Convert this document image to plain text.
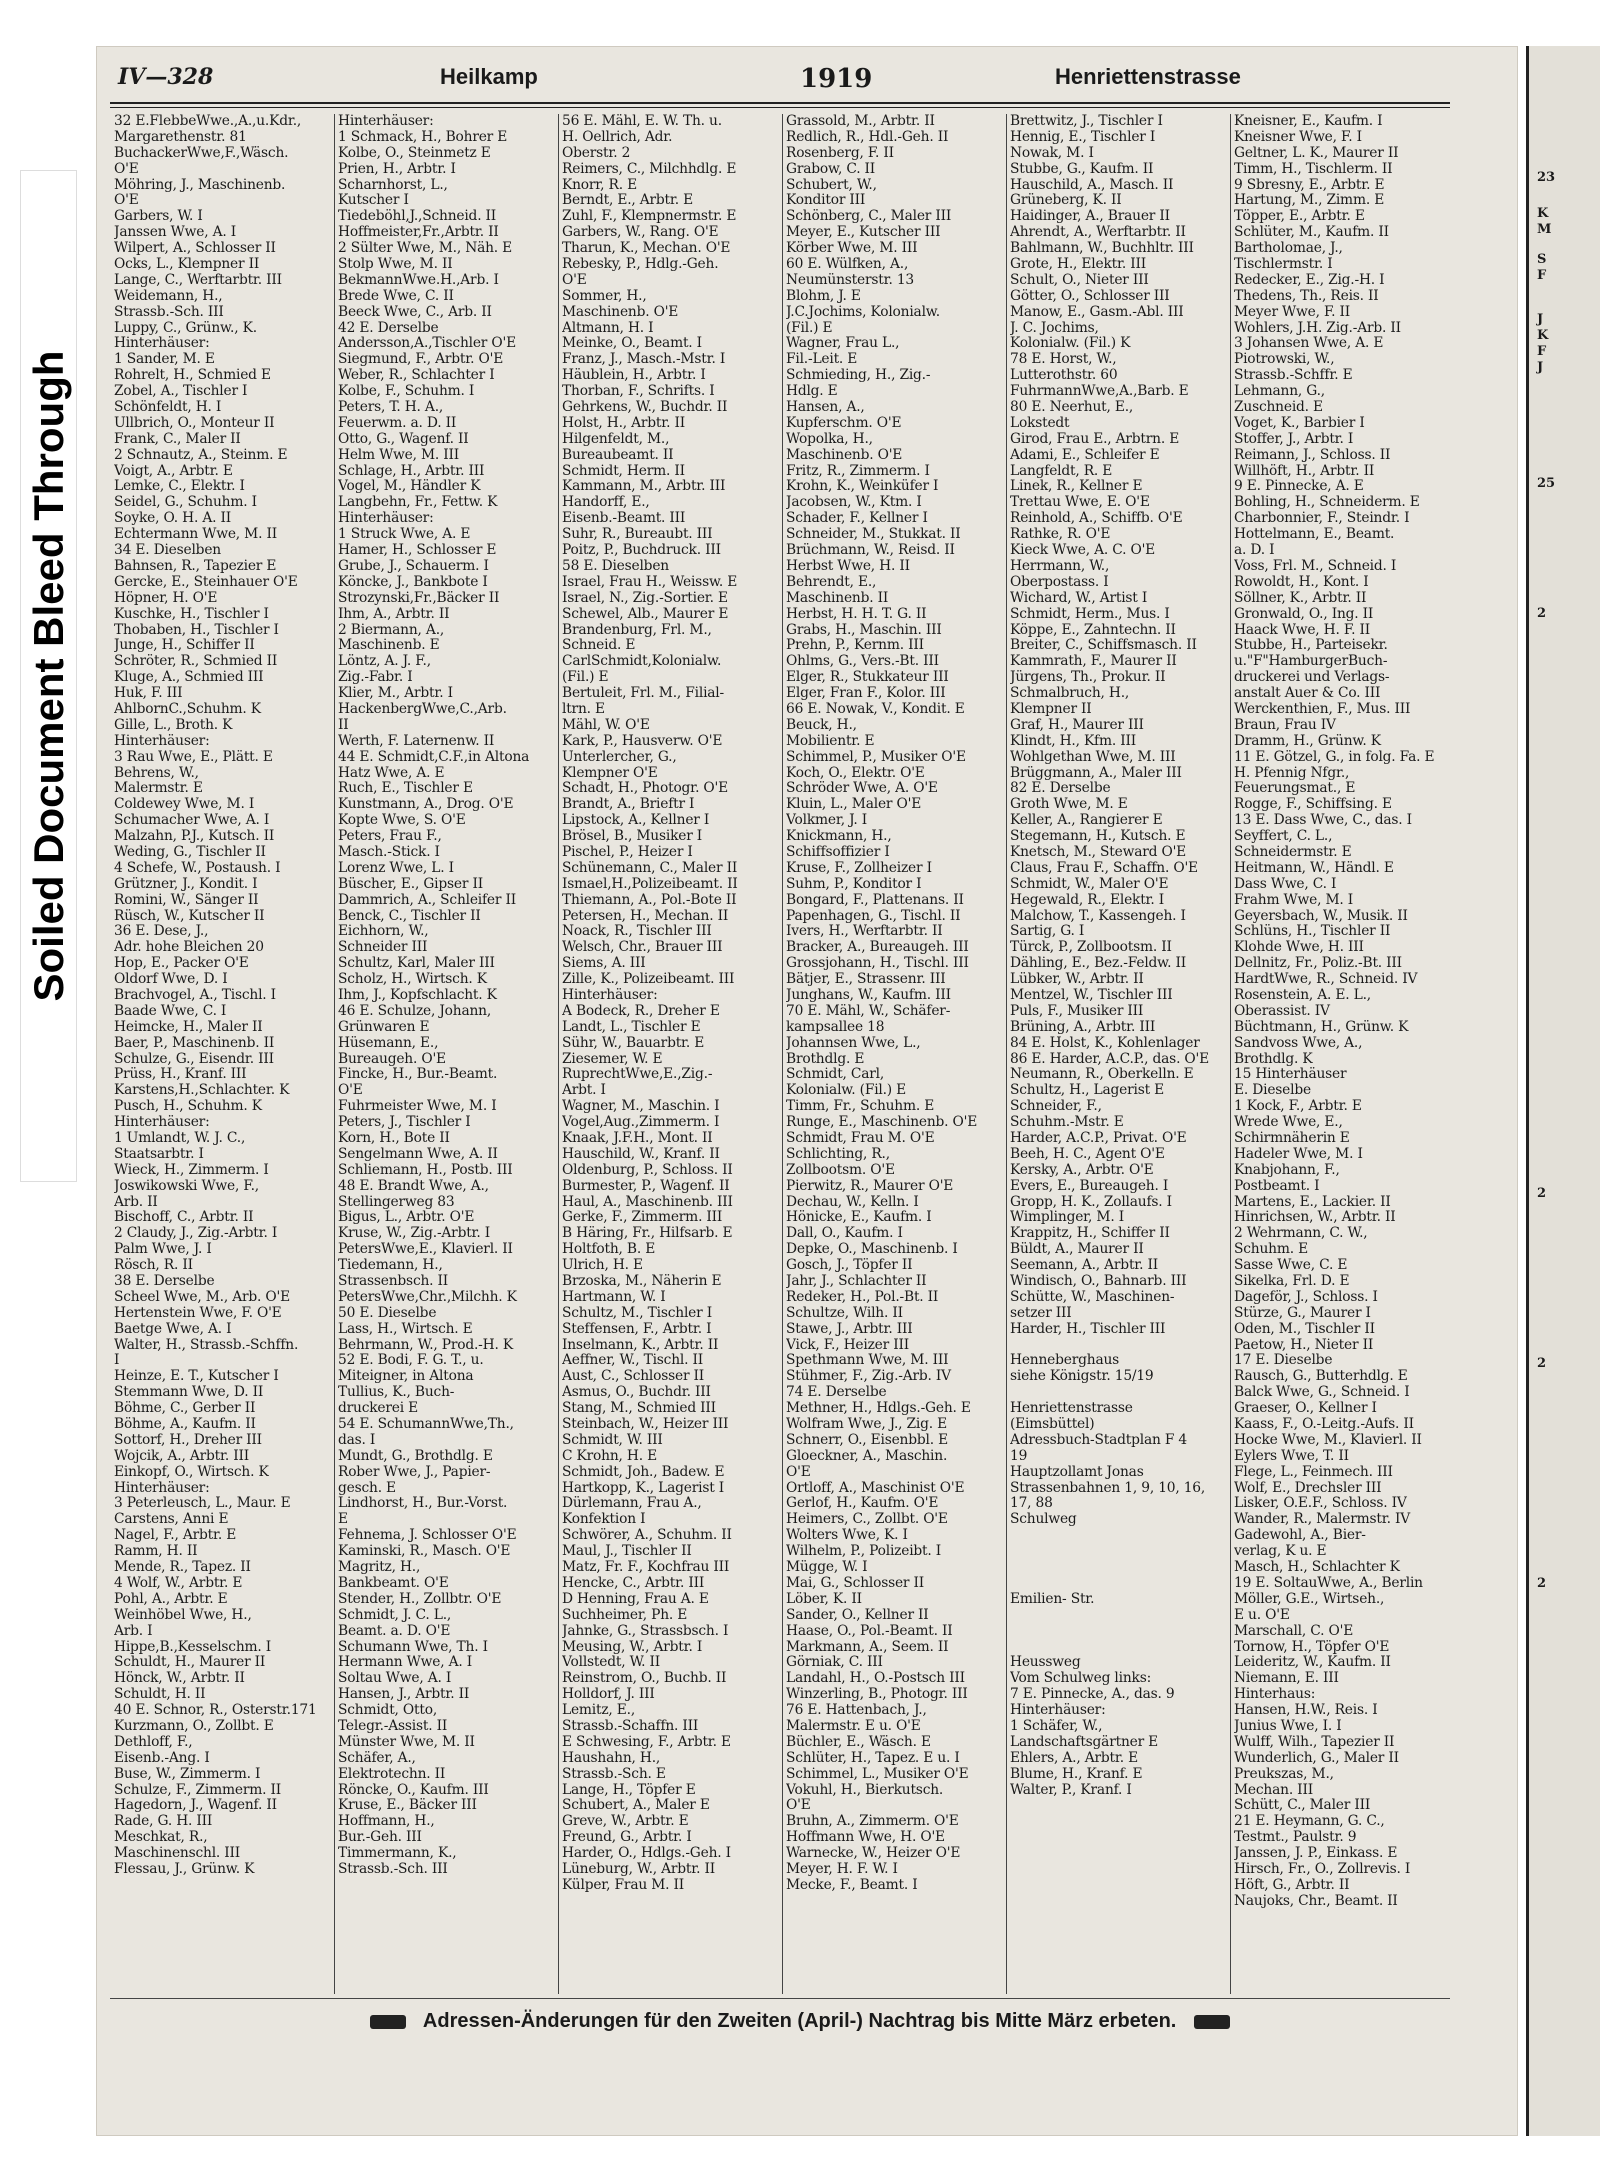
Soiled Document Bleed Through
23
K
M
S
F
J
K
F
J
25
2
2
2
2
IV—328	Heilkamp	1919	Henriettenstrasse
32 E.FlebbeWwe.,A.,u.Kdr.,
Margarethenstr. 81
BuchackerWwe,F.,Wäsch.
O'E
Möhring, J., Maschinenb.
O'E
Garbers, W. I
Janssen Wwe, A. I
Wilpert, A., Schlosser II
Ocks, L., Klempner II
Lange, C., Werftarbtr. III
Weidemann, H.,
Strassb.-Sch. III
Luppy, C., Grünw., K.
Hinterhäuser:
1 Sander, M. E
Rohrelt, H., Schmied E
Zobel, A., Tischler I
Schönfeldt, H. I
Ullbrich, O., Monteur II
Frank, C., Maler II
2 Schnautz, A., Steinm. E
Voigt, A., Arbtr. E
Lemke, C., Elektr. I
Seidel, G., Schuhm. I
Soyke, O. H. A. II
Echtermann Wwe, M. II
34 E. Dieselben
Bahnsen, R., Tapezier E
Gercke, E., Steinhauer O'E
Höpner, H. O'E
Kuschke, H., Tischler I
Thobaben, H., Tischler I
Junge, H., Schiffer II
Schröter, R., Schmied II
Kluge, A., Schmied III
Huk, F. III
AhlbornC.,Schuhm. K
Gille, L., Broth. K
Hinterhäuser:
3 Rau Wwe, E., Plätt. E
Behrens, W.,
Malermstr. E
Coldewey Wwe, M. I
Schumacher Wwe, A. I
Malzahn, P.J., Kutsch. II
Weding, G., Tischler II
4 Schefe, W., Postaush. I
Grützner, J., Kondit. I
Romini, W., Sänger II
Rüsch, W., Kutscher II
36 E. Dese, J.,
Adr. hohe Bleichen 20
Hop, E., Packer O'E
Oldorf Wwe, D. I
Brachvogel, A., Tischl. I
Baade Wwe, C. I
Heimcke, H., Maler II
Baer, P., Maschinenb. II
Schulze, G., Eisendr. III
Prüss, H., Kranf. III
Karstens,H.,Schlachter. K
Pusch, H., Schuhm. K
Hinterhäuser:
1 Umlandt, W. J. C.,
Staatsarbtr. I
Wieck, H., Zimmerm. I
Joswikowski Wwe, F.,
Arb. II
Bischoff, C., Arbtr. II
2 Claudy, J., Zig.-Arbtr. I
Palm Wwe, J. I
Rösch, R. II
38 E. Derselbe
Scheel Wwe, M., Arb. O'E
Hertenstein Wwe, F. O'E
Baetge Wwe, A. I
Walter, H., Strassb.-Schffn.
I
Heinze, E. T., Kutscher I
Stemmann Wwe, D. II
Böhme, C., Gerber II
Böhme, A., Kaufm. II
Sottorf, H., Dreher III
Wojcik, A., Arbtr. III
Einkopf, O., Wirtsch. K
Hinterhäuser:
3 Peterleusch, L., Maur. E
Carstens, Anni E
Nagel, F., Arbtr. E
Ramm, H. II
Mende, R., Tapez. II
4 Wolf, W., Arbtr. E
Pohl, A., Arbtr. E
Weinhöbel Wwe, H.,
Arb. I
Hippe,B.,Kesselschm. I
Schuldt, H., Maurer II
Hönck, W., Arbtr. II
Schuldt, H. II
40 E. Schnor, R., Osterstr.171
Kurzmann, O., Zollbt. E
Dethloff, F.,
Eisenb.-Ang. I
Buse, W., Zimmerm. I
Schulze, F., Zimmerm. II
Hagedorn, J., Wagenf. II
Rade, G. H. III
Meschkat, R.,
Maschinenschl. III
Flessau, J., Grünw. K
Hinterhäuser:
1 Schmack, H., Bohrer E
Kolbe, O., Steinmetz E
Prien, H., Arbtr. I
Scharnhorst, L.,
Kutscher I
Tiedeböhl,J.,Schneid. II
Hoffmeister,Fr.,Arbtr. II
2 Sülter Wwe, M., Näh. E
Stolp Wwe, M. II
BekmannWwe.H.,Arb. I
Brede Wwe, C. II
Beeck Wwe, C., Arb. II
42 E. Derselbe
Andersson,A.,Tischler O'E
Siegmund, F., Arbtr. O'E
Weber, R., Schlachter I
Kolbe, F., Schuhm. I
Peters, T. H. A.,
Feuerwm. a. D. II
Otto, G., Wagenf. II
Helm Wwe, M. III
Schlage, H., Arbtr. III
Vogel, M., Händler K
Langbehn, Fr., Fettw. K
Hinterhäuser:
1 Struck Wwe, A. E
Hamer, H., Schlosser E
Grube, J., Schauerm. I
Köncke, J., Bankbote I
Strozynski,Fr.,Bäcker II
Ihm, A., Arbtr. II
2 Biermann, A.,
Maschinenb. E
Löntz, A. J. F.,
Zig.-Fabr. I
Klier, M., Arbtr. I
HackenbergWwe,C.,Arb.
II
Werth, F. Laternenw. II
44 E. Schmidt,C.F.,in Altona
Hatz Wwe, A. E
Ruch, E., Tischler E
Kunstmann, A., Drog. O'E
Kopte Wwe, S. O'E
Peters, Frau F.,
Masch.-Stick. I
Lorenz Wwe, L. I
Büscher, E., Gipser II
Dammrich, A., Schleifer II
Benck, C., Tischler II
Eichhorn, W.,
Schneider III
Schultz, Karl, Maler III
Scholz, H., Wirtsch. K
Ihm, J., Kopfschlacht. K
46 E. Schulze, Johann,
Grünwaren E
Hüsemann, E.,
Bureaugeh. O'E
Fincke, H., Bur.-Beamt.
O'E
Fuhrmeister Wwe, M. I
Peters, J., Tischler I
Korn, H., Bote II
Sengelmann Wwe, A. II
Schliemann, H., Postb. III
48 E. Brandt Wwe, A.,
Stellingerweg 83
Bigus, L., Arbtr. O'E
Kruse, W., Zig.-Arbtr. I
PetersWwe,E., Klavierl. II
Tiedemann, H.,
Strassenbsch. II
PetersWwe,Chr.,Milchh. K
50 E. Dieselbe
Lass, H., Wirtsch. E
Behrmann, W., Prod.-H. K
52 E. Bodi, F. G. T., u.
Miteigner, in Altona
Tullius, K., Buch-
druckerei E
54 E. SchumannWwe,Th.,
das. I
Mundt, G., Brothdlg. E
Rober Wwe, J., Papier-
gesch. E
Lindhorst, H., Bur.-Vorst.
E
Fehnema, J. Schlosser O'E
Kaminski, R., Masch. O'E
Magritz, H.,
Bankbeamt. O'E
Stender, H., Zollbtr. O'E
Schmidt, J. C. L.,
Beamt. a. D. O'E
Schumann Wwe, Th. I
Hermann Wwe, A. I
Soltau Wwe, A. I
Hansen, J., Arbtr. II
Schmidt, Otto,
Telegr.-Assist. II
Münster Wwe, M. II
Schäfer, A.,
Elektrotechn. II
Röncke, O., Kaufm. III
Kruse, E., Bäcker III
Hoffmann, H.,
Bur.-Geh. III
Timmermann, K.,
Strassb.-Sch. III
56 E. Mähl, E. W. Th. u.
H. Oellrich, Adr.
Oberstr. 2
Reimers, C., Milchhdlg. E
Knorr, R. E
Berndt, E., Arbtr. E
Zuhl, F., Klempnermstr. E
Garbers, W., Rang. O'E
Tharun, K., Mechan. O'E
Rebesky, P., Hdlg.-Geh.
O'E
Sommer, H.,
Maschinenb. O'E
Altmann, H. I
Meinke, O., Beamt. I
Franz, J., Masch.-Mstr. I
Häublein, H., Arbtr. I
Thorban, F., Schrifts. I
Gehrkens, W., Buchdr. II
Holst, H., Arbtr. II
Hilgenfeldt, M.,
Bureaubeamt. II
Schmidt, Herm. II
Kammann, M., Arbtr. III
Handorff, E.,
Eisenb.-Beamt. III
Suhr, R., Bureaubt. III
Poitz, P., Buchdruck. III
58 E. Dieselben
Israel, Frau H., Weissw. E
Israel, N., Zig.-Sortier. E
Schewel, Alb., Maurer E
Brandenburg, Frl. M.,
Schneid. E
CarlSchmidt,Kolonialw.
(Fil.) E
Bertuleit, Frl. M., Filial-
ltrn. E
Mähl, W. O'E
Kark, P., Hausverw. O'E
Unterlercher, G.,
Klempner O'E
Schadt, H., Photogr. O'E
Brandt, A., Brieftr I
Lipstock, A., Kellner I
Brösel, B., Musiker I
Pischel, P., Heizer I
Schünemann, C., Maler II
Ismael,H.,Polizeibeamt. II
Thiemann, A., Pol.-Bote II
Petersen, H., Mechan. II
Noack, R., Tischler III
Welsch, Chr., Brauer III
Siems, A. III
Zille, K., Polizeibeamt. III
Hinterhäuser:
A Bodeck, R., Dreher E
Landt, L., Tischler E
Sühr, W., Bauarbtr. E
Ziesemer, W. E
RuprechtWwe,E.,Zig.-
Arbt. I
Wagner, M., Maschin. I
Vogel,Aug.,Zimmerm. I
Knaak, J.F.H., Mont. II
Hauschild, W., Kranf. II
Oldenburg, P., Schloss. II
Burmester, P., Wagenf. II
Haul, A., Maschinenb. III
Gerke, F., Zimmerm. III
B Häring, Fr., Hilfsarb. E
Holtfoth, B. E
Ulrich, H. E
Brzoska, M., Näherin E
Hartmann, W. I
Schultz, M., Tischler I
Steffensen, F., Arbtr. I
Inselmann, K., Arbtr. II
Aeffner, W., Tischl. II
Aust, C., Schlosser II
Asmus, O., Buchdr. III
Stang, M., Schmied III
Steinbach, W., Heizer III
Schmidt, W. III
C Krohn, H. E
Schmidt, Joh., Badew. E
Hartkopp, K., Lagerist I
Dürlemann, Frau A.,
Konfektion I
Schwörer, A., Schuhm. II
Maul, J., Tischler II
Matz, Fr. F., Kochfrau III
Hencke, C., Arbtr. III
D Henning, Frau A. E
Suchheimer, Ph. E
Jahnke, G., Strassbsch. I
Meusing, W., Arbtr. I
Vollstedt, W. II
Reinstrom, O., Buchb. II
Holldorf, J. III
Lemitz, E.,
Strassb.-Schaffn. III
E Schwesing, F., Arbtr. E
Haushahn, H.,
Strassb.-Sch. E
Lange, H., Töpfer E
Schubert, A., Maler E
Greve, W., Arbtr. E
Freund, G., Arbtr. I
Harder, O., Hdlgs.-Geh. I
Lüneburg, W., Arbtr. II
Külper, Frau M. II
Grassold, M., Arbtr. II
Redlich, R., Hdl.-Geh. II
Rosenberg, F. II
Grabow, C. II
Schubert, W.,
Konditor III
Schönberg, C., Maler III
Meyer, E., Kutscher III
Körber Wwe, M. III
60 E. Wülfken, A.,
Neumünsterstr. 13
Blohm, J. E
J.C.Jochims, Kolonialw.
(Fil.) E
Wagner, Frau L.,
Fil.-Leit. E
Schmieding, H., Zig.-
Hdlg. E
Hansen, A.,
Kupferschm. O'E
Wopolka, H.,
Maschinenb. O'E
Fritz, R., Zimmerm. I
Krohn, K., Weinküfer I
Jacobsen, W., Ktm. I
Schader, F., Kellner I
Schneider, M., Stukkat. II
Brüchmann, W., Reisd. II
Herbst Wwe, H. II
Behrendt, E.,
Maschinenb. II
Herbst, H. H. T. G. II
Grabs, H., Maschin. III
Prehn, P., Kernm. III
Ohlms, G., Vers.-Bt. III
Elger, R., Stukkateur III
Elger, Fran F., Kolor. III
66 E. Nowak, V., Kondit. E
Beuck, H.,
Mobilientr. E
Schimmel, P., Musiker O'E
Koch, O., Elektr. O'E
Schröder Wwe, A. O'E
Kluin, L., Maler O'E
Volkmer, J. I
Knickmann, H.,
Schiffsoffizier I
Kruse, F., Zollheizer I
Suhm, P., Konditor I
Bongard, F., Plattenans. II
Papenhagen, G., Tischl. II
Ivers, H., Werftarbtr. II
Bracker, A., Bureaugeh. III
Grossjohann, H., Tischl. III
Bätjer, E., Strassenr. III
Junghans, W., Kaufm. III
70 E. Mähl, W., Schäfer-
kampsallee 18
Johannsen Wwe, L.,
Brothdlg. E
Schmidt, Carl,
Kolonialw. (Fil.) E
Timm, Fr., Schuhm. E
Runge, E., Maschinenb. O'E
Schmidt, Frau M. O'E
Schlichting, R.,
Zollbootsm. O'E
Pierwitz, R., Maurer O'E
Dechau, W., Kelln. I
Hönicke, E., Kaufm. I
Dall, O., Kaufm. I
Depke, O., Maschinenb. I
Gosch, J., Töpfer II
Jahr, J., Schlachter II
Redeker, H., Pol.-Bt. II
Schultze, Wilh. II
Stawe, J., Arbtr. III
Vick, F., Heizer III
Spethmann Wwe, M. III
Stühmer, F., Zig.-Arb. IV
74 E. Derselbe
Methner, H., Hdlgs.-Geh. E
Wolfram Wwe, J., Zig. E
Schnerr, O., Eisenbbl. E
Gloeckner, A., Maschin.
O'E
Ortloff, A., Maschinist O'E
Gerlof, H., Kaufm. O'E
Heimers, C., Zollbt. O'E
Wolters Wwe, K. I
Wilhelm, P., Polizeibt. I
Mügge, W. I
Mai, G., Schlosser II
Löber, K. II
Sander, O., Kellner II
Haase, O., Pol.-Beamt. II
Markmann, A., Seem. II
Görniak, C. III
Landahl, H., O.-Postsch III
Winzerling, B., Photogr. III
76 E. Hattenbach, J.,
Malermstr. E u. O'E
Büchler, E., Wäsch. E
Schlüter, H., Tapez. E u. I
Schimmel, L., Musiker O'E
Vokuhl, H., Bierkutsch.
O'E
Bruhn, A., Zimmerm. O'E
Hoffmann Wwe, H. O'E
Warnecke, W., Heizer O'E
Meyer, H. F. W. I
Mecke, F., Beamt. I
Brettwitz, J., Tischler I
Hennig, E., Tischler I
Nowak, M. I
Stubbe, G., Kaufm. II
Hauschild, A., Masch. II
Grüneberg, K. II
Haidinger, A., Brauer II
Ahrendt, A., Werftarbtr. II
Bahlmann, W., Buchhltr. III
Grote, H., Elektr. III
Schult, O., Nieter III
Götter, O., Schlosser III
Manow, E., Gasm.-Abl. III
J. C. Jochims,
Kolonialw. (Fil.) K
78 E. Horst, W.,
Lutterothstr. 60
FuhrmannWwe,A.,Barb. E
80 E. Neerhut, E.,
Lokstedt
Girod, Frau E., Arbtrn. E
Adami, E., Schleifer E
Langfeldt, R. E
Linek, R., Kellner E
Trettau Wwe, E. O'E
Reinhold, A., Schiffb. O'E
Rathke, R. O'E
Kieck Wwe, A. C. O'E
Herrmann, W.,
Oberpostass. I
Wichard, W., Artist I
Schmidt, Herm., Mus. I
Köppe, E., Zahntechn. II
Breiter, C., Schiffsmasch. II
Kammrath, F., Maurer II
Jürgens, Th., Prokur. II
Schmalbruch, H.,
Klempner II
Graf, H., Maurer III
Klindt, H., Kfm. III
Wohlgethan Wwe, M. III
Brüggmann, A., Maler III
82 E. Derselbe
Groth Wwe, M. E
Keller, A., Rangierer E
Stegemann, H., Kutsch. E
Knetsch, M., Steward O'E
Claus, Frau F., Schaffn. O'E
Schmidt, W., Maler O'E
Hegewald, R., Elektr. I
Malchow, T., Kassengeh. I
Sartig, G. I
Türck, P., Zollbootsm. II
Dähling, E., Bez.-Feldw. II
Lübker, W., Arbtr. II
Mentzel, W., Tischler III
Puls, F., Musiker III
Brüning, A., Arbtr. III
84 E. Holst, K., Kohlenlager
86 E. Harder, A.C.P., das. O'E
Neumann, R., Oberkelln. E
Schultz, H., Lagerist E
Schneider, F.,
Schuhm.-Mstr. E
Harder, A.C.P., Privat. O'E
Beeh, H. C., Agent O'E
Kersky, A., Arbtr. O'E
Evers, E., Bureaugeh. I
Gropp, H. K., Zollaufs. I
Wimplinger, M. I
Krappitz, H., Schiffer II
Büldt, A., Maurer II
Seemann, A., Arbtr. II
Windisch, O., Bahnarb. III
Schütte, W., Maschinen-
setzer III
Harder, H., Tischler III
Henneberghaus
siehe Königstr. 15/19
Henriettenstrasse
(Eimsbüttel)
Adressbuch-Stadtplan F 4
19
Hauptzollamt Jonas
Strassenbahnen 1, 9, 10, 16,
17, 88
Schulweg
Emilien- Str.
Heussweg
Vom Schulweg links:
7 E. Pinnecke, A., das. 9
Hinterhäuser:
1 Schäfer, W.,
Landschaftsgärtner E
Ehlers, A., Arbtr. E
Blume, H., Kranf. E
Walter, P., Kranf. I
Kneisner, E., Kaufm. I
Kneisner Wwe, F. I
Geltner, L. K., Maurer II
Timm, H., Tischlerm. II
9 Sbresny, E., Arbtr. E
Hartung, M., Zimm. E
Töpper, E., Arbtr. E
Schlüter, M., Kaufm. II
Bartholomae, J.,
Tischlermstr. I
Redecker, E., Zig.-H. I
Thedens, Th., Reis. II
Meyer Wwe, F. II
Wohlers, J.H. Zig.-Arb. II
3 Johansen Wwe, A. E
Piotrowski, W.,
Strassb.-Schffr. E
Lehmann, G.,
Zuschneid. E
Voget, K., Barbier I
Stoffer, J., Arbtr. I
Reimann, J., Schloss. II
Willhöft, H., Arbtr. II
9 E. Pinnecke, A. E
Bohling, H., Schneiderm. E
Charbonnier, F., Steindr. I
Hottelmann, E., Beamt.
a. D. I
Voss, Frl. M., Schneid. I
Rowoldt, H., Kont. I
Söllner, K., Arbtr. II
Gronwald, O., Ing. II
Haack Wwe, H. F. II
Stubbe, H., Parteisekr.
u."F"HamburgerBuch-
druckerei und Verlags-
anstalt Auer & Co. III
Werckenthien, F., Mus. III
Braun, Frau IV
Dramm, H., Grünw. K
11 E. Götzel, G., in folg. Fa. E
H. Pfennig Nfgr.,
Feuerungsmat., E
Rogge, F., Schiffsing. E
13 E. Dass Wwe, C., das. I
Seyffert, C. L.,
Schneidermstr. E
Heitmann, W., Händl. E
Dass Wwe, C. I
Frahm Wwe, M. I
Geyersbach, W., Musik. II
Schlüns, H., Tischler II
Klohde Wwe, H. III
Dellnitz, Fr., Poliz.-Bt. III
HardtWwe, R., Schneid. IV
Rosenstein, A. E. L.,
Oberassist. IV
Büchtmann, H., Grünw. K
Sandvoss Wwe, A.,
Brothdlg. K
15 Hinterhäuser
E. Dieselbe
1 Kock, F., Arbtr. E
Wrede Wwe, E.,
Schirmnäherin E
Hadeler Wwe, M. I
Knabjohann, F.,
Postbeamt. I
Martens, E., Lackier. II
Hinrichsen, W., Arbtr. II
2 Wehrmann, C. W.,
Schuhm. E
Sasse Wwe, C. E
Sikelka, Frl. D. E
Dageför, J., Schloss. I
Stürze, G., Maurer I
Oden, M., Tischler II
Paetow, H., Nieter II
17 E. Dieselbe
Rausch, G., Butterhdlg. E
Balck Wwe, G., Schneid. I
Graeser, O., Kellner I
Kaass, F., O.-Leitg.-Aufs. II
Hocke Wwe, M., Klavierl. II
Eylers Wwe, T. II
Flege, L., Feinmech. III
Wolf, E., Drechsler III
Lisker, O.E.F., Schloss. IV
Wander, R., Malermstr. IV
Gadewohl, A., Bier-
verlag, K u. E
Masch, H., Schlachter K
19 E. SoltauWwe, A., Berlin
Möller, G.E., Wirtseh.,
E u. O'E
Marschall, C. O'E
Tornow, H., Töpfer O'E
Leideritz, W., Kaufm. II
Niemann, E. III
Hinterhaus:
Hansen, H.W., Reis. I
Junius Wwe, I. I
Wulff, Wilh., Tapezier II
Wunderlich, G., Maler II
Preukszas, M.,
Mechan. III
Schütt, C., Maler III
21 E. Heymann, G. C.,
Testmt., Paulstr. 9
Janssen, J. P., Einkass. E
Hirsch, Fr., O., Zollrevis. I
Höft, G., Arbtr. II
Naujoks, Chr., Beamt. II
Adressen-Änderungen für den Zweiten (April-) Nachtrag bis Mitte März erbeten.
